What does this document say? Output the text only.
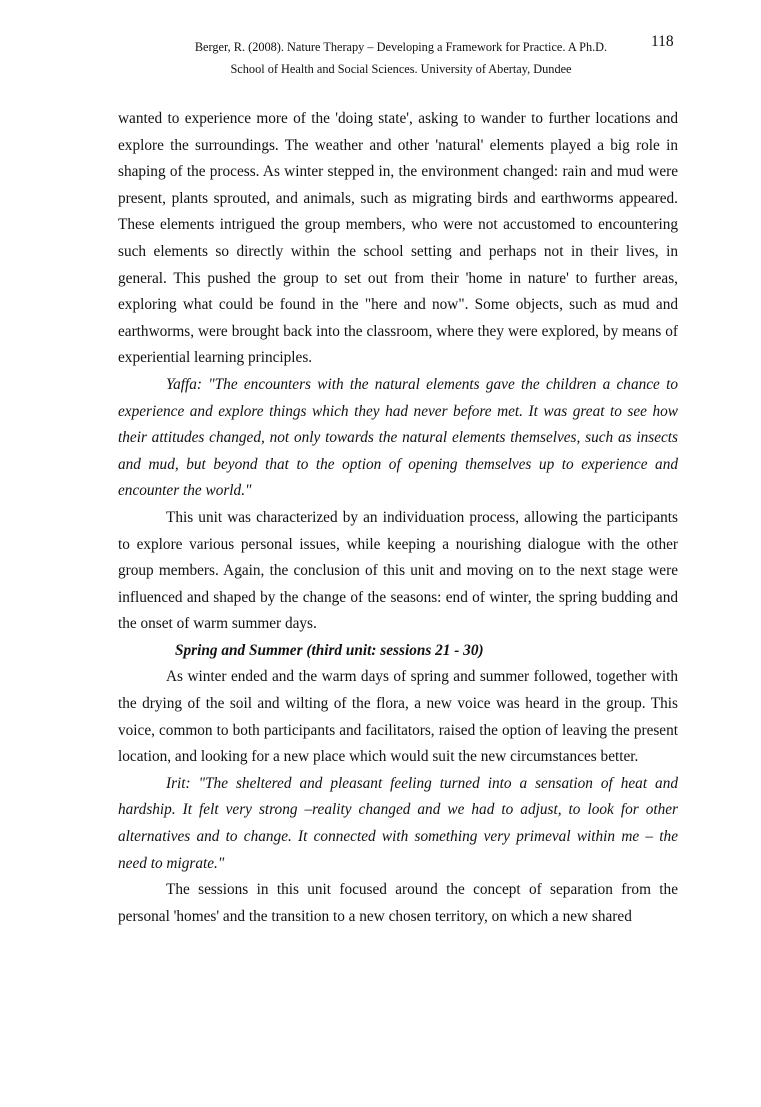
Berger, R. (2008). Nature Therapy – Developing a Framework for Practice. A Ph.D.
School of Health and Social Sciences. University of Abertay, Dundee
118

wanted to experience more of the 'doing state', asking to wander to further locations and explore the surroundings. The weather and other 'natural' elements played a big role in shaping of the process. As winter stepped in, the environment changed: rain and mud were present, plants sprouted, and animals, such as migrating birds and earthworms appeared. These elements intrigued the group members, who were not accustomed to encountering such elements so directly within the school setting and perhaps not in their lives, in general. This pushed the group to set out from their 'home in nature' to further areas, exploring what could be found in the "here and now". Some objects, such as mud and earthworms, were brought back into the classroom, where they were explored, by means of experiential learning principles.

Yaffa: "The encounters with the natural elements gave the children a chance to experience and explore things which they had never before met. It was great to see how their attitudes changed, not only towards the natural elements themselves, such as insects and mud, but beyond that to the option of opening themselves up to experience and encounter the world."

This unit was characterized by an individuation process, allowing the participants to explore various personal issues, while keeping a nourishing dialogue with the other group members. Again, the conclusion of this unit and moving on to the next stage were influenced and shaped by the change of the seasons: end of winter, the spring budding and the onset of warm summer days.

Spring and Summer (third unit: sessions 21 - 30)

As winter ended and the warm days of spring and summer followed, together with the drying of the soil and wilting of the flora, a new voice was heard in the group. This voice, common to both participants and facilitators, raised the option of leaving the present location, and looking for a new place which would suit the new circumstances better.

Irit: "The sheltered and pleasant feeling turned into a sensation of heat and hardship. It felt very strong –reality changed and we had to adjust, to look for other alternatives and to change. It connected with something very primeval within me – the need to migrate."

The sessions in this unit focused around the concept of separation from the personal 'homes' and the transition to a new chosen territory, on which a new shared
